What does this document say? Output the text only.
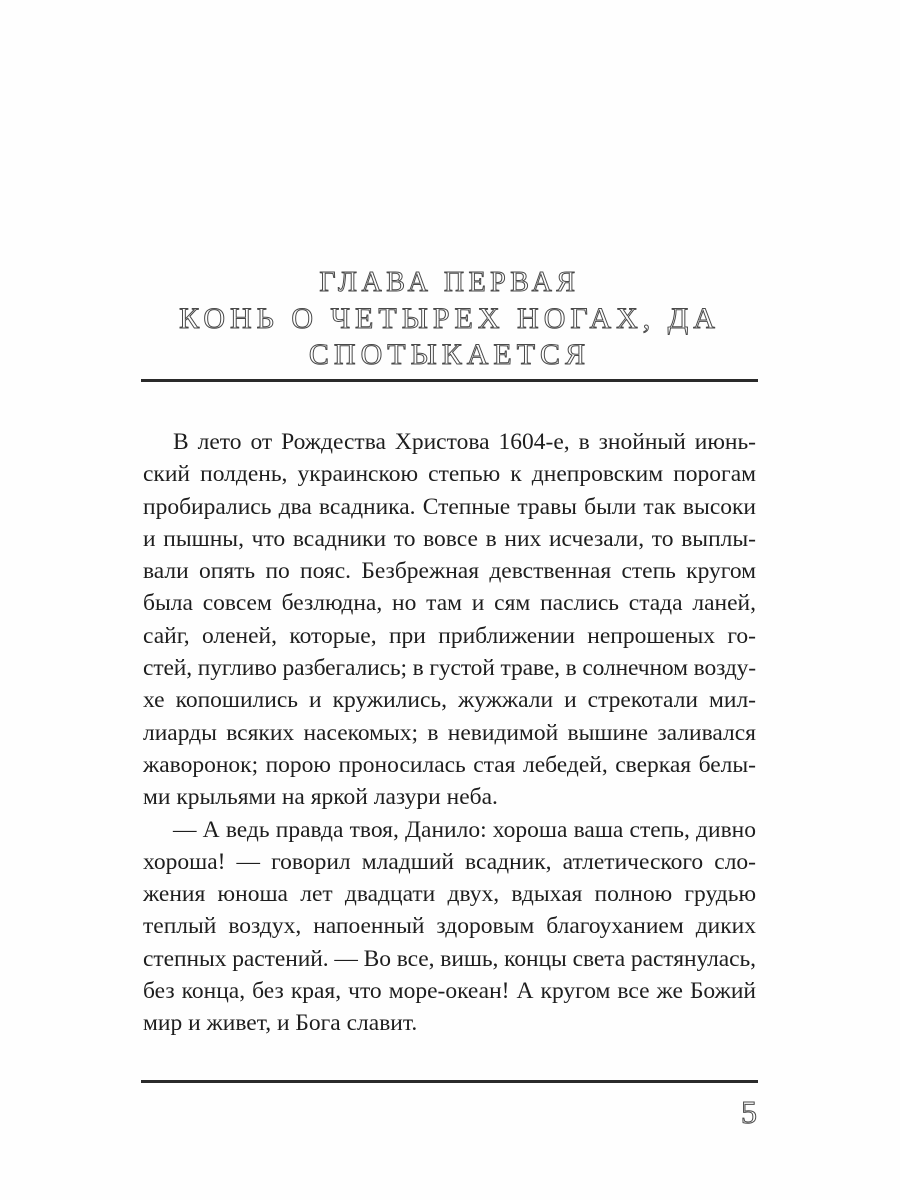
ГЛАВА ПЕРВАЯ
КОНЬ О ЧЕТЫРЕХ НОГАХ, ДА
СПОТЫКАЕТСЯ
В лето от Рождества Христова 1604-е, в знойный июнь-
ский полдень, украинскою степью к днепровским порогам
пробирались два всадника. Степные травы были так высоки
и пышны, что всадники то вовсе в них исчезали, то выплы-
вали опять по пояс. Безбрежная девственная степь кругом
была совсем безлюдна, но там и сям паслись стада ланей,
сайг, оленей, которые, при приближении непрошеных го-
стей, пугливо разбегались; в густой траве, в солнечном возду-
хе копошились и кружились, жужжали и стрекотали мил-
лиарды всяких насекомых; в невидимой вышине заливался
жаворонок; порою проносилась стая лебедей, сверкая белы-
ми крыльями на яркой лазури неба.
— А ведь правда твоя, Данило: хороша ваша степь, дивно
хороша! — говорил младший всадник, атлетического сло-
жения юноша лет двадцати двух, вдыхая полною грудью
теплый воздух, напоенный здоровым благоуханием диких
степных растений. — Во все, вишь, концы света растянулась,
без конца, без края, что море-океан! А кругом все же Божий
мир и живет, и Бога славит.
5
